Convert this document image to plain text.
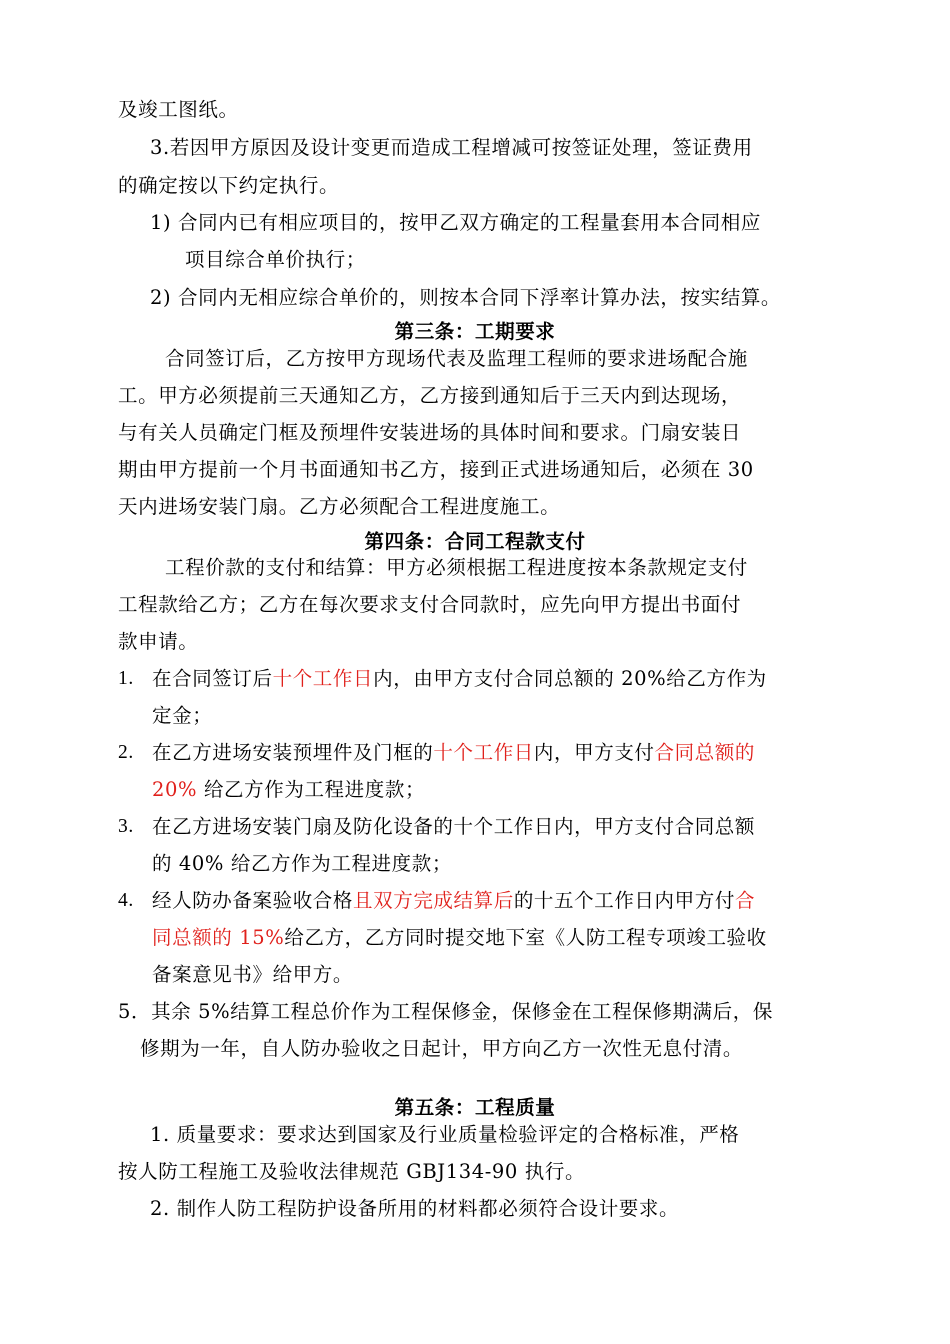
及竣工图纸。
3.若因甲方原因及设计变更而造成工程增减可按签证处理，签证费用
的确定按以下约定执行。
1) 合同内已有相应项目的，按甲乙双方确定的工程量套用本合同相应
项目综合单价执行；
2) 合同内无相应综合单价的，则按本合同下浮率计算办法，按实结算。
第三条：工期要求
合同签订后，乙方按甲方现场代表及监理工程师的要求进场配合施
工。甲方必须提前三天通知乙方，乙方接到通知后于三天内到达现场，
与有关人员确定门框及预埋件安装进场的具体时间和要求。门扇安装日
期由甲方提前一个月书面通知书乙方，接到正式进场通知后，必须在 30
天内进场安装门扇。乙方必须配合工程进度施工。
第四条：合同工程款支付
工程价款的支付和结算：甲方必须根据工程进度按本条款规定支付
工程款给乙方；乙方在每次要求支付合同款时，应先向甲方提出书面付
款申请。
1. 在合同签订后十个工作日内，由甲方支付合同总额的 20%给乙方作为
定金；
2. 在乙方进场安装预埋件及门框的十个工作日内，甲方支付合同总额的
20% 给乙方作为工程进度款；
3. 在乙方进场安装门扇及防化设备的十个工作日内，甲方支付合同总额
的 40% 给乙方作为工程进度款；
4. 经人防办备案验收合格且双方完成结算后的十五个工作日内甲方付合
同总额的 15%给乙方，乙方同时提交地下室《人防工程专项竣工验收
备案意见书》给甲方。
5．其余 5%结算工程总价作为工程保修金，保修金在工程保修期满后，保
修期为一年，自人防办验收之日起计，甲方向乙方一次性无息付清。
第五条：工程质量
1. 质量要求：要求达到国家及行业质量检验评定的合格标准，严格
按人防工程施工及验收法律规范 GBJ134-90 执行。
2. 制作人防工程防护设备所用的材料都必须符合设计要求。
